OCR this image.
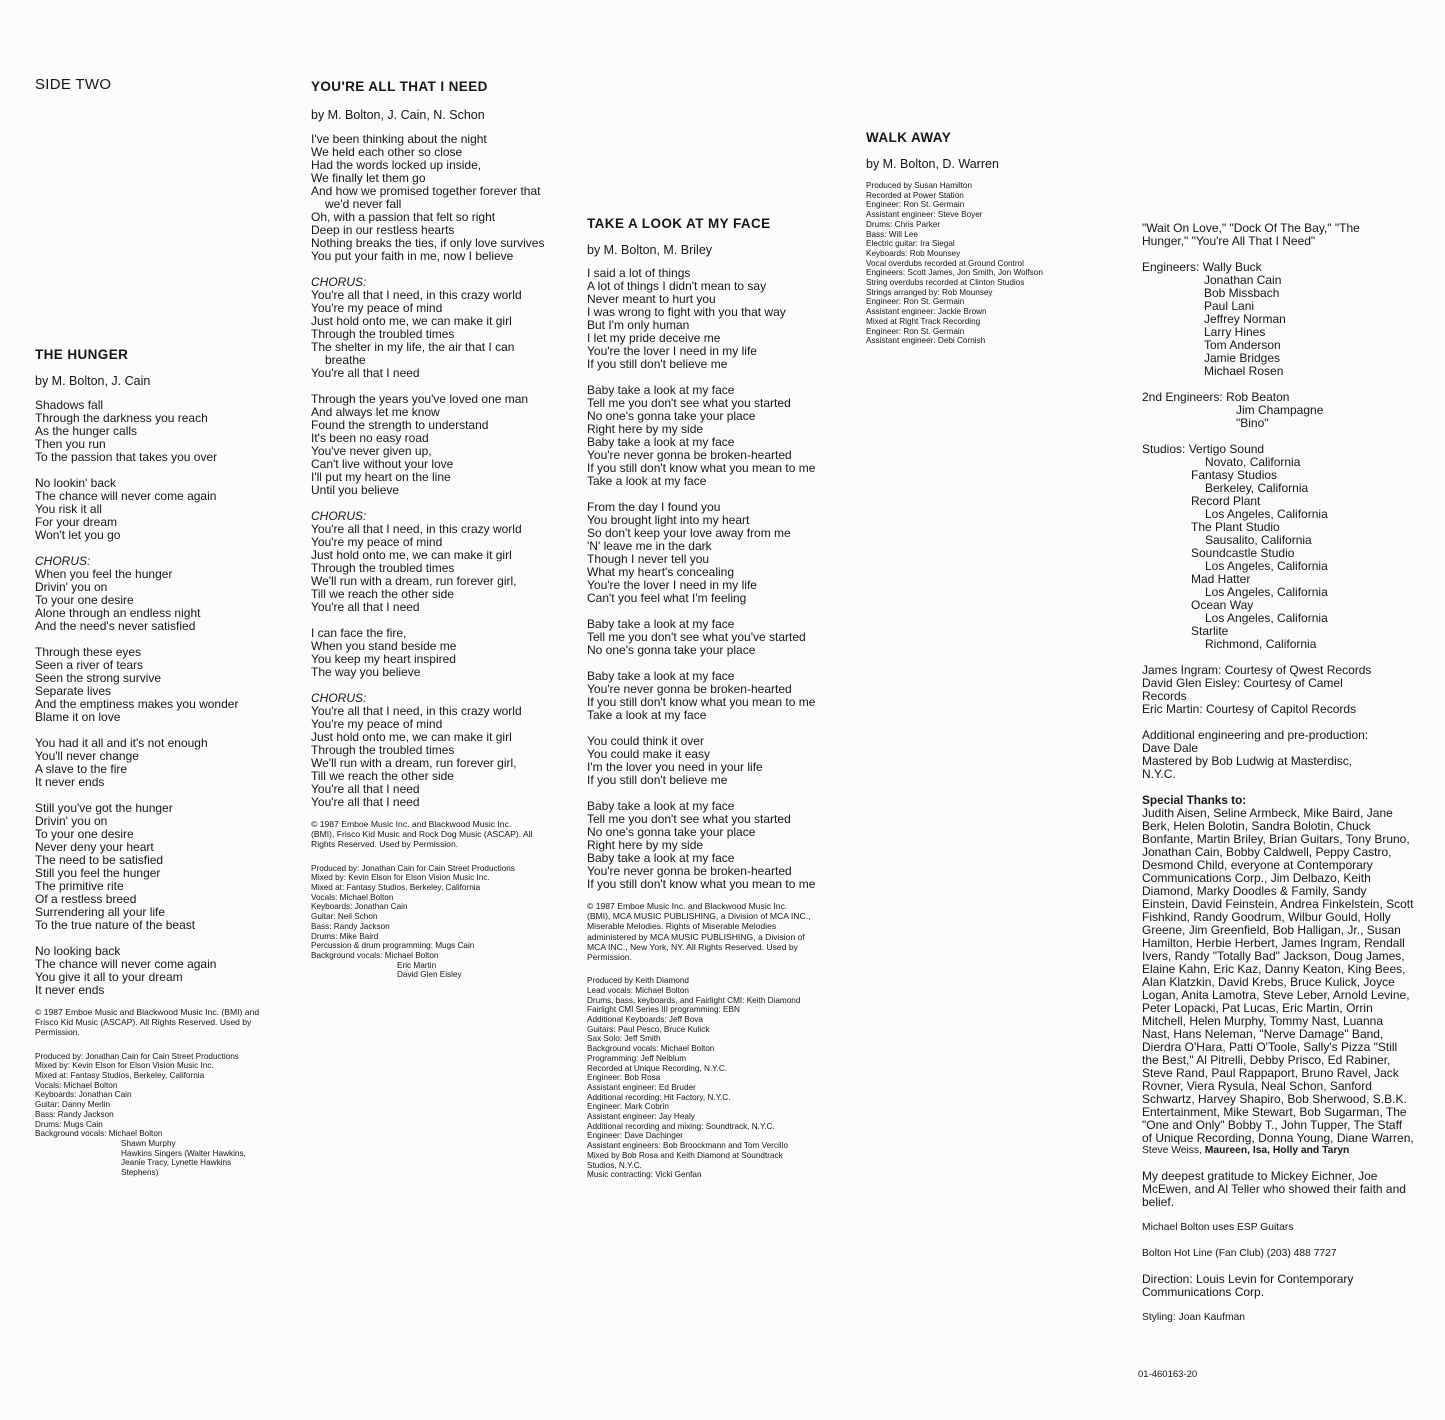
SIDE TWO
THE HUNGER
by M. Bolton, J. Cain
Shadows fall
Through the darkness you reach
As the hunger calls
Then you run
To the passion that takes you over
No lookin' back
The chance will never come again
You risk it all
For your dream
Won't let you go
CHORUS:
When you feel the hunger
Drivin' you on
To your one desire
Alone through an endless night
And the need's never satisfied
Through these eyes
Seen a river of tears
Seen the strong survive
Separate lives
And the emptiness makes you wonder
Blame it on love
You had it all and it's not enough
You'll never change
A slave to the fire
It never ends
Still you've got the hunger
Drivin' you on
To your one desire
Never deny your heart
The need to be satisfied
Still you feel the hunger
The primitive rite
Of a restless breed
Surrendering all your life
To the true nature of the beast
No looking back
The chance will never come again
You give it all to your dream
It never ends
© 1987 Emboe Music and Blackwood Music Inc. (BMI) and
Frisco Kid Music (ASCAP). All Rights Reserved. Used by
Permission.
Produced by: Jonathan Cain for Cain Street Productions
Mixed by: Kevin Elson for Elson Vision Music Inc.
Mixed at: Fantasy Studios, Berkeley, California
Vocals: Michael Bolton
Keyboards: Jonathan Cain
Guitar: Danny Merlin
Bass: Randy Jackson
Drums: Mugs Cain
Background vocals: Michael Bolton
Shawn Murphy
Hawkins Singers (Walter Hawkins,
Jeanie Tracy, Lynette Hawkins
Stephens)
YOU'RE ALL THAT I NEED
by M. Bolton, J. Cain, N. Schon
I've been thinking about the night
We held each other so close
Had the words locked up inside,
We finally let them go
And how we promised together forever that
we'd never fall
Oh, with a passion that felt so right
Deep in our restless hearts
Nothing breaks the ties, if only love survives
You put your faith in me, now I believe
CHORUS:
You're all that I need, in this crazy world
You're my peace of mind
Just hold onto me, we can make it girl
Through the troubled times
The shelter in my life, the air that I can
breathe
You're all that I need
Through the years you've loved one man
And always let me know
Found the strength to understand
It's been no easy road
You've never given up,
Can't live without your love
I'll put my heart on the line
Until you believe
CHORUS:
You're all that I need, in this crazy world
You're my peace of mind
Just hold onto me, we can make it girl
Through the troubled times
We'll run with a dream, run forever girl,
Till we reach the other side
You're all that I need
I can face the fire,
When you stand beside me
You keep my heart inspired
The way you believe
CHORUS:
You're all that I need, in this crazy world
You're my peace of mind
Just hold onto me, we can make it girl
Through the troubled times
We'll run with a dream, run forever girl,
Till we reach the other side
You're all that I need
You're all that I need
© 1987 Emboe Music Inc. and Blackwood Music Inc.
(BMI), Frisco Kid Music and Rock Dog Music (ASCAP). All
Rights Reserved. Used by Permission.
Produced by: Jonathan Cain for Cain Street Productions
Mixed by: Kevin Elson for Elson Vision Music Inc.
Mixed at: Fantasy Studios, Berkeley, California
Vocals: Michael Bolton
Keyboards: Jonathan Cain
Guitar: Neil Schon
Bass: Randy Jackson
Drums: Mike Baird
Percussion & drum programming: Mugs Cain
Background vocals: Michael Bolton
Eric Martin
David Glen Eisley
TAKE A LOOK AT MY FACE
by M. Bolton, M. Briley
I said a lot of things
A lot of things I didn't mean to say
Never meant to hurt you
I was wrong to fight with you that way
But I'm only human
I let my pride deceive me
You're the lover I need in my life
If you still don't believe me
Baby take a look at my face
Tell me you don't see what you started
No one's gonna take your place
Right here by my side
Baby take a look at my face
You're never gonna be broken-hearted
If you still don't know what you mean to me
Take a look at my face
From the day I found you
You brought light into my heart
So don't keep your love away from me
'N' leave me in the dark
Though I never tell you
What my heart's concealing
You're the lover I need in my life
Can't you feel what I'm feeling
Baby take a look at my face
Tell me you don't see what you've started
No one's gonna take your place
Baby take a look at my face
You're never gonna be broken-hearted
If you still don't know what you mean to me
Take a look at my face
You could think it over
You could make it easy
I'm the lover you need in your life
If you still don't believe me
Baby take a look at my face
Tell me you don't see what you started
No one's gonna take your place
Right here by my side
Baby take a look at my face
You're never gonna be broken-hearted
If you still don't know what you mean to me
© 1987 Emboe Music Inc. and Blackwood Music Inc.
(BMI), MCA MUSIC PUBLISHING, a Division of MCA INC.,
Miserable Melodies. Rights of Miserable Melodies
administered by MCA MUSIC PUBLISHING, a Division of
MCA INC., New York, NY. All Rights Reserved. Used by
Permission.
Produced by Keith Diamond
Lead vocals: Michael Bolton
Drums, bass, keyboards, and Fairlight CMI: Keith Diamond
Fairlight CMI Series III programming: EBN
Additional Keyboards: Jeff Bova
Guitars: Paul Pesco, Bruce Kulick
Sax Solo: Jeff Smith
Background vocals: Michael Bolton
Programming: Jeff Neiblum
Recorded at Unique Recording, N.Y.C.
Engineer: Bob Rosa
Assistant engineer: Ed Bruder
Additional recording: Hit Factory, N.Y.C.
Engineer: Mark Cobrin
Assistant engineer: Jay Healy
Additional recording and mixing: Soundtrack, N.Y.C.
Engineer: Dave Dachinger
Assistant engineers: Bob Broockmann and Tom Vercillo
Mixed by Bob Rosa and Keith Diamond at Soundtrack
Studios, N.Y.C.
Music contracting: Vicki Genfan
WALK AWAY
by M. Bolton, D. Warren
Produced by Susan Hamilton
Recorded at Power Station
Engineer: Ron St. Germain
Assistant engineer: Steve Boyer
Drums: Chris Parker
Bass: Will Lee
Electric guitar: Ira Siegal
Keyboards: Rob Mounsey
Vocal overdubs recorded at Ground Control
Engineers: Scott James, Jon Smith, Jon Wolfson
String overdubs recorded at Clinton Studios
Strings arranged by: Rob Mounsey
Engineer: Ron St. Germain
Assistant engineer: Jackie Brown
Mixed at Right Track Recording
Engineer: Ron St. Germain
Assistant engineer: Debi Cornish
"Wait On Love," "Dock Of The Bay," "The
Hunger," "You're All That I Need"
Engineers: Wally Buck
Jonathan Cain
Bob Missbach
Paul Lani
Jeffrey Norman
Larry Hines
Tom Anderson
Jamie Bridges
Michael Rosen
2nd Engineers: Rob Beaton
Jim Champagne
"Bino"
Studios: Vertigo Sound
Novato, California
Fantasy Studios
Berkeley, California
Record Plant
Los Angeles, California
The Plant Studio
Sausalito, California
Soundcastle Studio
Los Angeles, California
Mad Hatter
Los Angeles, California
Ocean Way
Los Angeles, California
Starlite
Richmond, California
James Ingram: Courtesy of Qwest Records
David Glen Eisley: Courtesy of Camel
Records
Eric Martin: Courtesy of Capitol Records
Additional engineering and pre-production:
Dave Dale
Mastered by Bob Ludwig at Masterdisc,
N.Y.C.
Special Thanks to:
Judith Aisen, Seline Armbeck, Mike Baird, Jane
Berk, Helen Bolotin, Sandra Bolotin, Chuck
Bonfante, Martin Briley, Brian Guitars, Tony Bruno,
Jonathan Cain, Bobby Caldwell, Peppy Castro,
Desmond Child, everyone at Contemporary
Communications Corp., Jim Delbazo, Keith
Diamond, Marky Doodles & Family, Sandy
Einstein, David Feinstein, Andrea Finkelstein, Scott
Fishkind, Randy Goodrum, Wilbur Gould, Holly
Greene, Jim Greenfield, Bob Halligan, Jr., Susan
Hamilton, Herbie Herbert, James Ingram, Rendall
Ivers, Randy "Totally Bad" Jackson, Doug James,
Elaine Kahn, Eric Kaz, Danny Keaton, King Bees,
Alan Klatzkin, David Krebs, Bruce Kulick, Joyce
Logan, Anita Lamotra, Steve Leber, Arnold Levine,
Peter Lopacki, Pat Lucas, Eric Martin, Orrin
Mitchell, Helen Murphy, Tommy Nast, Luanna
Nast, Hans Neleman, "Nerve Damage" Band,
Dierdra O'Hara, Patti O'Toole, Sally's Pizza "Still
the Best," Al Pitrelli, Debby Prisco, Ed Rabiner,
Steve Rand, Paul Rappaport, Bruno Ravel, Jack
Rovner, Viera Rysula, Neal Schon, Sanford
Schwartz, Harvey Shapiro, Bob Sherwood, S.B.K.
Entertainment, Mike Stewart, Bob Sugarman, The
"One and Only" Bobby T., John Tupper, The Staff
of Unique Recording, Donna Young, Diane Warren,
Steve Weiss, Maureen, Isa, Holly and Taryn
My deepest gratitude to Mickey Eichner, Joe
McEwen, and Al Teller who showed their faith and
belief.
Michael Bolton uses ESP Guitars
Bolton Hot Line (Fan Club) (203) 488 7727
Direction: Louis Levin for Contemporary
Communications Corp.
Styling: Joan Kaufman
01-460163-20
